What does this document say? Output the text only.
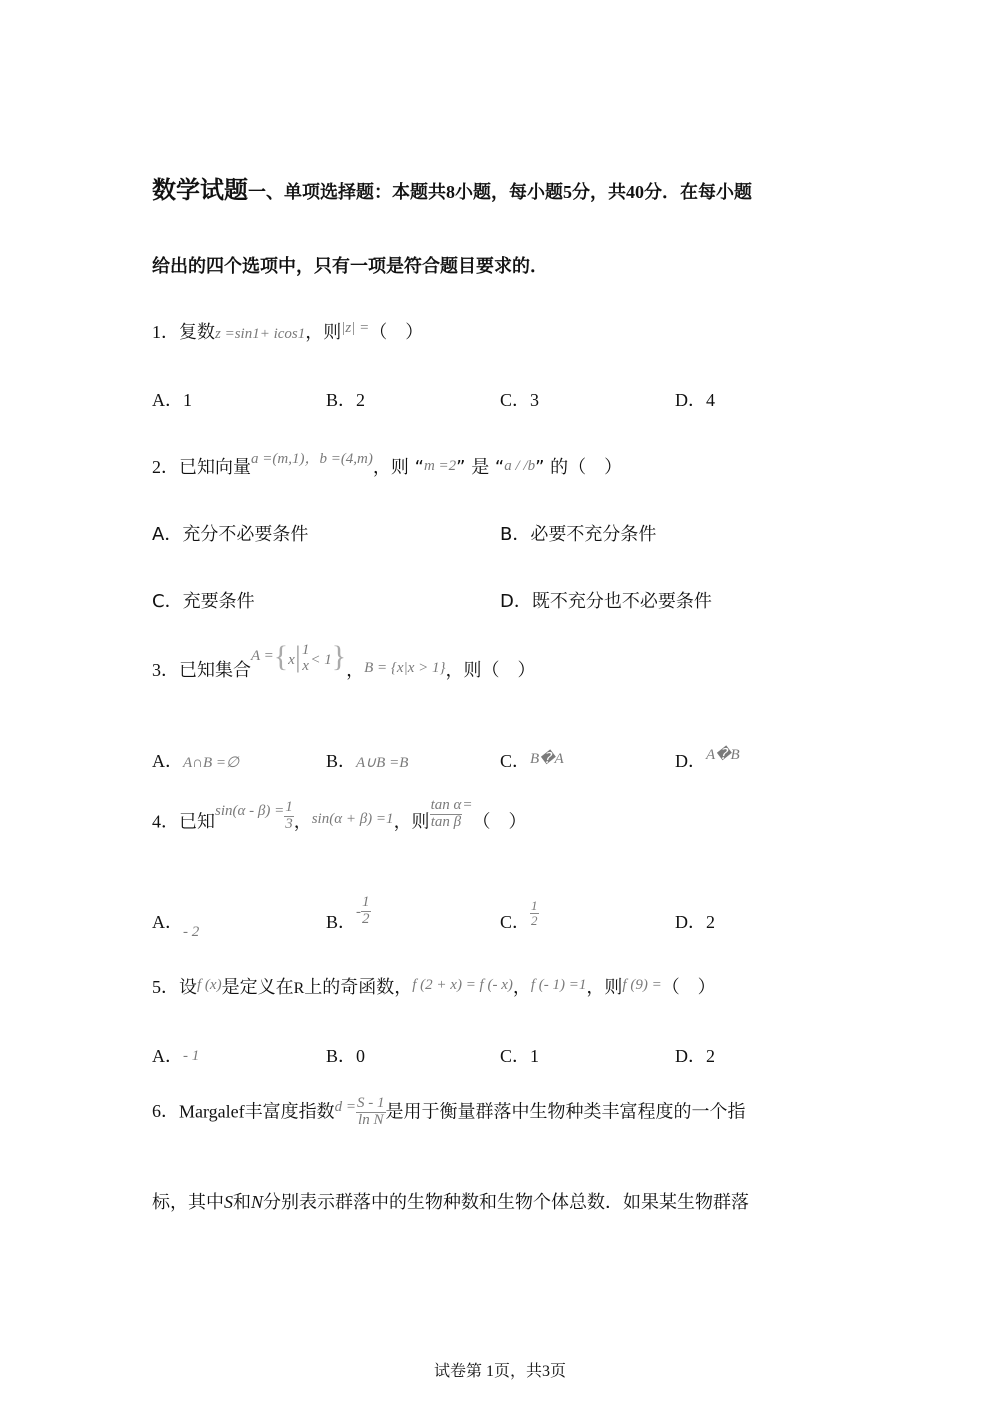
数学试题一、单项选择题：本题共8小题，每小题5分，共40分．在每小题
给出的四个选项中，只有一项是符合题目要求的．
1．复数z =sin1+ icos1，则$^{|z| =}$（　）
A．1	B．2	C．3	D．4
2．已知向量$^{a =(m,1),b =(4,m)}$，则 “m =2” 是 “a / /b” 的（　）
A．充分不必要条件	B．必要不充分条件
C．充要条件	D．既不充分也不必要条件
3．已知集合$^{A =}${$^x$| 1
x $^{< 1}$}，$^{B = \{x|x > 1\}}$，则（　）
A．A∩B =∅	B．A∪B =B	C．$^{B�A}$	D．$^{A�B}$
4．已知$^{sin(\alpha - \beta) =} \frac{1}{3}$ ，$^{sin(\alpha + \beta) =1}$，则 $\frac{\text{tan α}}{\text{tan β}} ^=$（　）
A．$_{- 2}$	B．- $\frac{1}{2}$	C． $\frac{1}{2}$	D．2
5．设$^{f (x)}$是定义在R上的奇函数，$^{f (2 + x) = f (- x)}$，$^{f (- 1) =1}$，则$^{f (9) =}$（　）
A．- 1	B．0	C．1	D．2
6．Margalef丰富度指数$^{d =} \frac{S - 1}{\text{ln N}}$ 是用于衡量群落中生物种类丰富程度的一个指
标，其中S和N分别表示群落中的生物种数和生物个体总数．如果某生物群落
试卷第 1页，共3页
